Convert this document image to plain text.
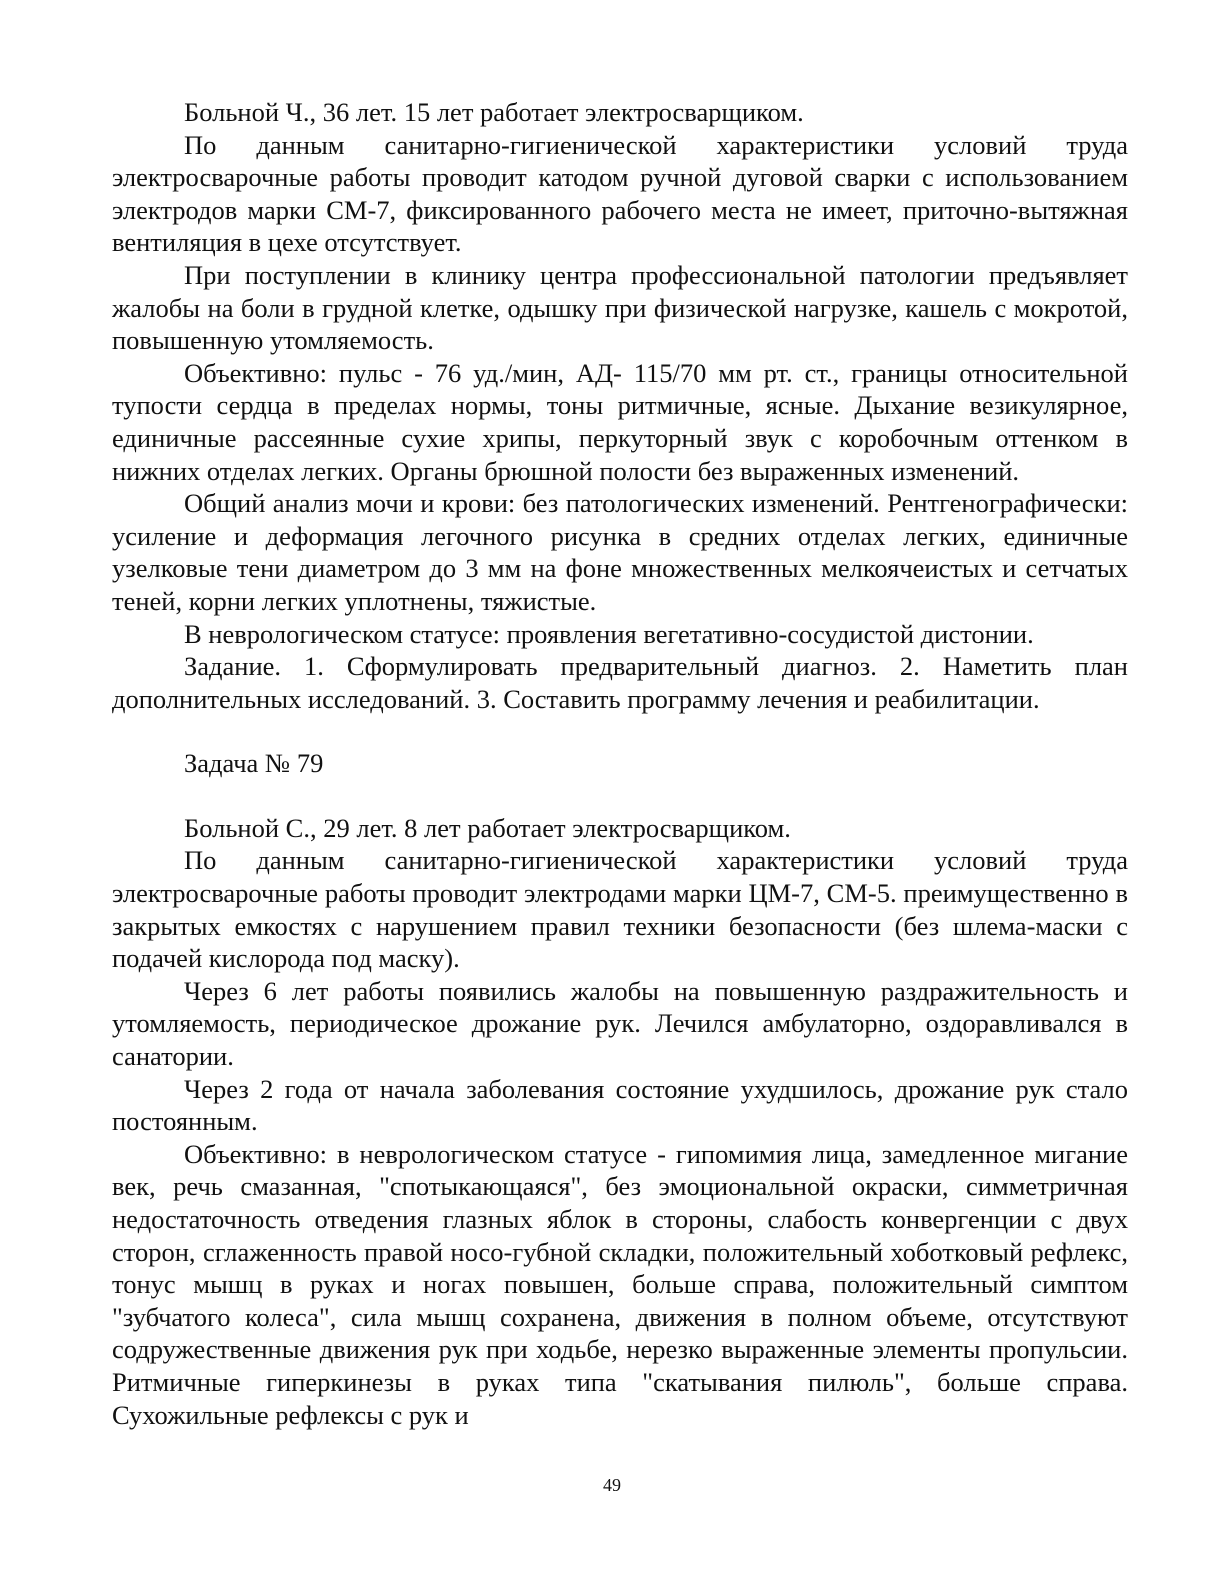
Больной Ч., 36 лет. 15 лет работает электросварщиком.

По данным санитарно-гигиенической характеристики условий труда электросварочные работы проводит катодом ручной дуговой сварки с использованием электродов марки СМ-7, фиксированного рабочего места не имеет, приточно-вытяжная вентиляция в цехе отсутствует.

При поступлении в клинику центра профессиональной патологии предъявляет жалобы на боли в грудной клетке, одышку при физической нагрузке, кашель с мокротой, повышенную утомляемость.

Объективно: пульс - 76 уд./мин, АД- 115/70 мм рт. ст., границы относительной тупости сердца в пределах нормы, тоны ритмичные, ясные. Дыхание везикулярное, единичные рассеянные сухие хрипы, перкуторный звук с коробочным оттенком в нижних отделах легких. Органы брюшной полости без выраженных изменений.

Общий анализ мочи и крови: без патологических изменений. Рентгенографически: усиление и деформация легочного рисунка в средних отделах легких, единичные узелковые тени диаметром до 3 мм на фоне множественных мелкоячеистых и сетчатых теней, корни легких уплотнены, тяжистые.

В неврологическом статусе: проявления вегетативно-сосудистой дистонии.

Задание. 1. Сформулировать предварительный диагноз. 2. Наметить план дополнительных исследований. 3. Составить программу лечения и реабилитации.

Задача № 79

Больной С., 29 лет. 8 лет работает электросварщиком.

По данным санитарно-гигиенической характеристики условий труда электросварочные работы проводит электродами марки ЦМ-7, СМ-5. преимущественно в закрытых емкостях с нарушением правил техники безопасности (без шлема-маски с подачей кислорода под маску).

Через 6 лет работы появились жалобы на повышенную раздражительность и утомляемость, периодическое дрожание рук. Лечился амбулаторно, оздоравливался в санатории.

Через 2 года от начала заболевания состояние ухудшилось, дрожание рук стало постоянным.

Объективно: в неврологическом статусе - гипомимия лица, замедленное мигание век, речь смазанная, "спотыкающаяся", без эмоциональной окраски, симметричная недостаточность отведения глазных яблок в стороны, слабость конвергенции с двух сторон, сглаженность правой носо-губной складки, положительный хоботковый рефлекс, тонус мышц в руках и ногах повышен, больше справа, положительный симптом "зубчатого колеса", сила мышц сохранена, движения в полном объеме, отсутствуют содружественные движения рук при ходьбе, нерезко выраженные элементы пропульсии. Ритмичные гиперкинезы в руках типа "скатывания пилюль", больше справа. Сухожильные рефлексы с рук и

49
